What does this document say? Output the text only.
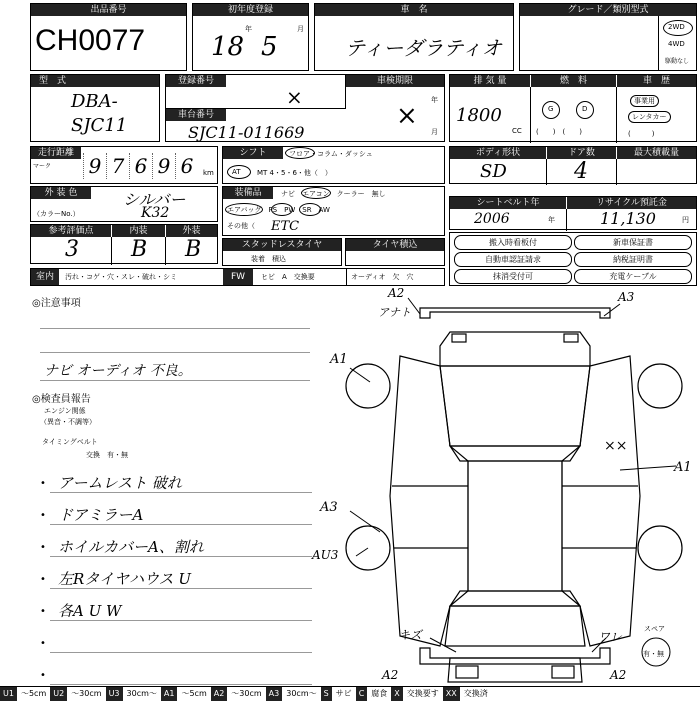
出品番号
CH0077
初年度登録
18
年
5
月
車　名
ティーダラティオ
グレード／類別型式
2WD
4WD
駆動なし
型　式
DBA-
SJC11
登録番号
×
車台番号
SJC11-011669
車検期限
×
年
月
排 気 量	燃　料	車　歴
1800
CC
G	D
(　　)　(　　)
事業用
レンタカー
(　　　)
走行距離
マーク 9 7 6 9 6	km
シフト	フロア・コラム・ダッシュ
AT MT 4・5・6・他（　）
ボディ形状	ドア数	最大積載量
SD	4
外 装 色
（カラーNo.）
シルバー
K32
装備品	ナビ　エアコン　クーラー　無し
エアバッグ　PS　PW　SR　AW
その他（ ETC
シートベルト年	リサイクル預託金
2006	年	11,130	円
参考評価点	内装	外装
3 B B	スタッドレスタイヤ
装着　積込
タイヤ積込	搬入時看板付	新車保証書
自動車認証請求	納税証明書
抹消受付可	充電ケーブル
室内	汚れ・コゲ・穴・スレ・破れ・シミ	FW	ヒビ　A　交換要	オーディオ　欠　穴
◎注意事項
ナビ オーディオ 不良。
◎検査員報告
エンジン関係
（異音・不調等）
タイミングベルト
交換　有・無
• アームレスト 破れ
• ドアミラーA
• ホイルカバーA、割れ
• 左Rタイヤハウス U
• 各A U W
•
•
A2	A3
アナト
A1
××
A1
A3
AU3
キズ	ワレ
A2	A2
スペア
有・無
U1 ～5cm U2 ～30cm U3 30cm～ A1 ～5cm A2 ～30cm A3 30cm～ S サビ C 腐食 X 交換要す XX 交換済
